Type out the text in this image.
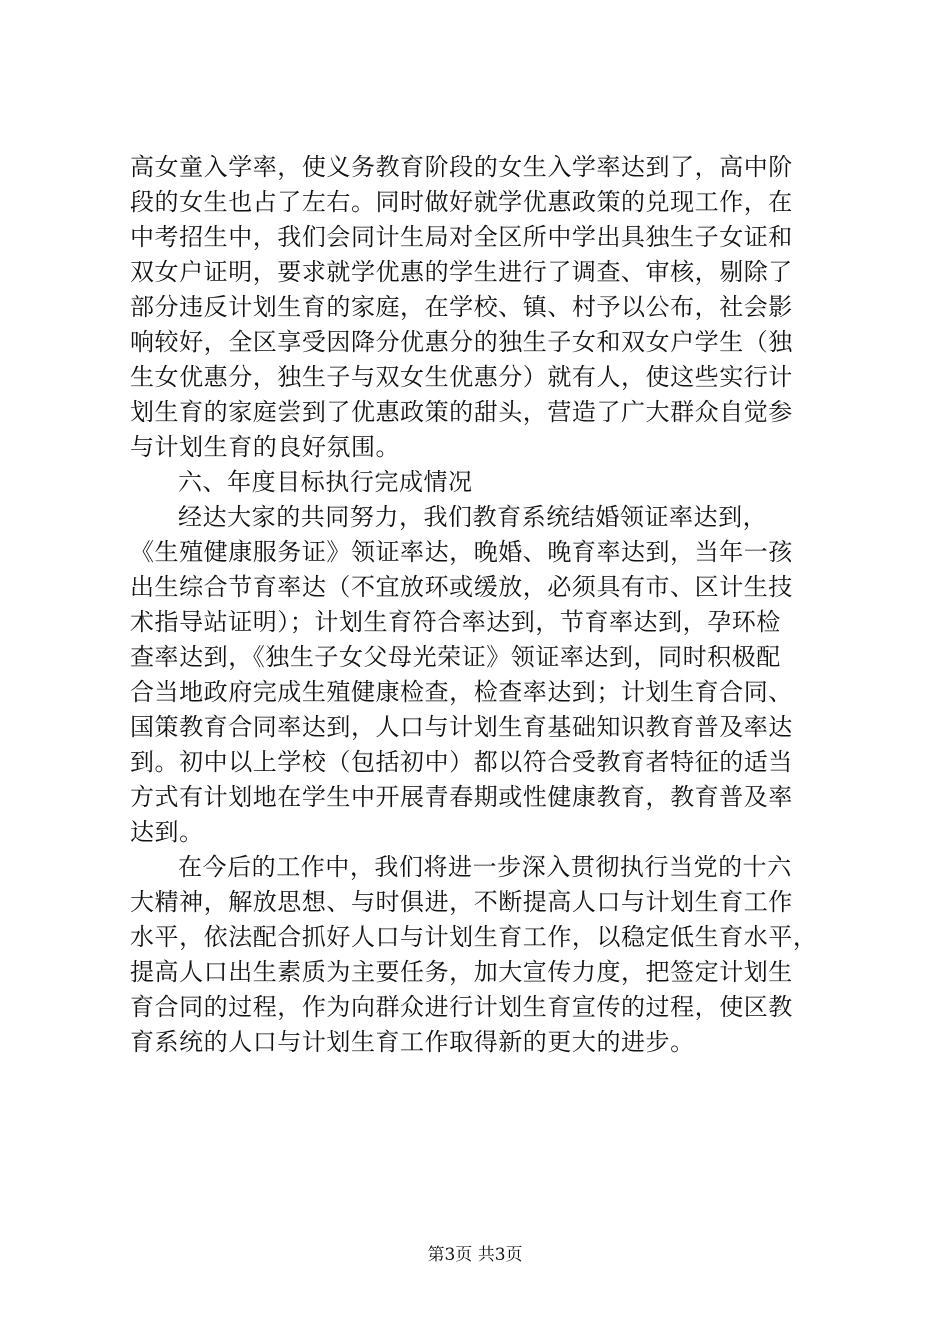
高女童入学率，使义务教育阶段的女生入学率达到了，高中阶
段的女生也占了左右。同时做好就学优惠政策的兑现工作，在
中考招生中，我们会同计生局对全区所中学出具独生子女证和
双女户证明，要求就学优惠的学生进行了调查、审核，剔除了
部分违反计划生育的家庭，在学校、镇、村予以公布，社会影
响较好，全区享受因降分优惠分的独生子女和双女户学生（独
生女优惠分，独生子与双女生优惠分）就有人，使这些实行计
划生育的家庭尝到了优惠政策的甜头，营造了广大群众自觉参
与计划生育的良好氛围。
六、年度目标执行完成情况
经达大家的共同努力，我们教育系统结婚领证率达到，
《生殖健康服务证》领证率达，晚婚、晚育率达到，当年一孩
出生综合节育率达（不宜放环或缓放，必须具有市、区计生技
术指导站证明）；计划生育符合率达到，节育率达到，孕环检
查率达到，《独生子女父母光荣证》领证率达到，同时积极配
合当地政府完成生殖健康检查，检查率达到；计划生育合同、
国策教育合同率达到，人口与计划生育基础知识教育普及率达
到。初中以上学校（包括初中）都以符合受教育者特征的适当
方式有计划地在学生中开展青春期或性健康教育，教育普及率
达到。
在今后的工作中，我们将进一步深入贯彻执行当党的十六
大精神，解放思想、与时俱进，不断提高人口与计划生育工作
水平，依法配合抓好人口与计划生育工作，以稳定低生育水平，
提高人口出生素质为主要任务，加大宣传力度，把签定计划生
育合同的过程，作为向群众进行计划生育宣传的过程，使区教
育系统的人口与计划生育工作取得新的更大的进步。
第3页 共3页
